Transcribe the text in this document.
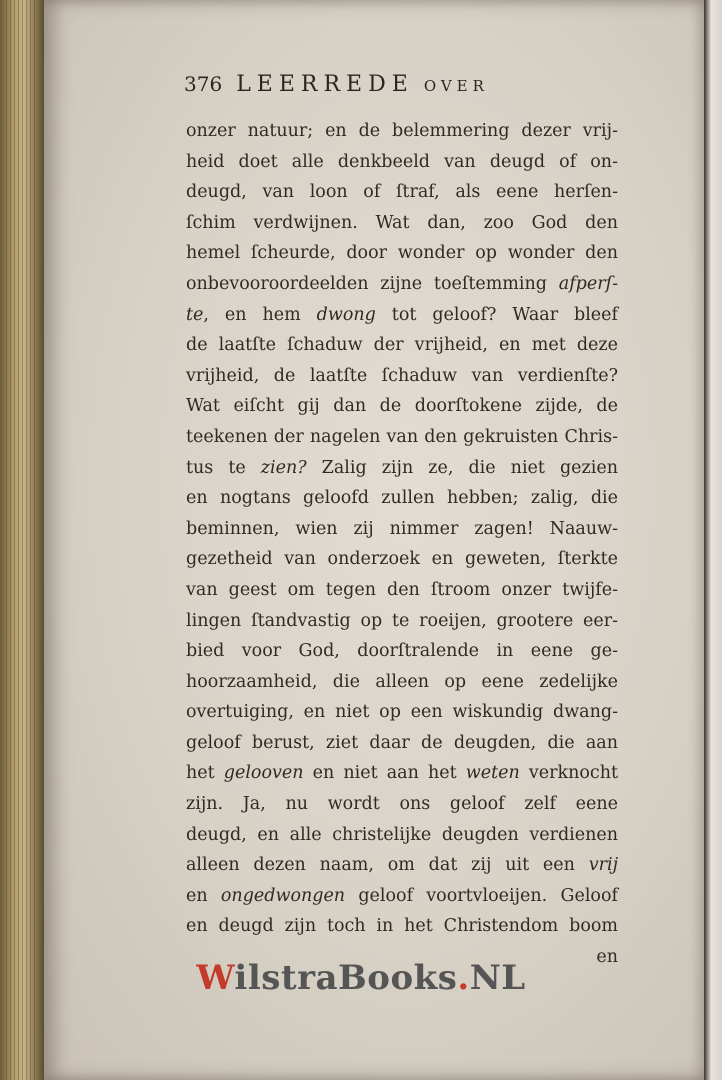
376 LEERREDE OVER
onzer natuur; en de belemmering dezer vrij-
heid doet alle denkbeeld van deugd of on-
deugd, van loon of ſtraf, als eene herſen-
ſchim verdwijnen. Wat dan, zoo God den
hemel ſcheurde, door wonder op wonder den
onbevooroordeelden zijne toeſtemming afperſ-
te, en hem dwong tot geloof? Waar bleef
de laatſte ſchaduw der vrijheid, en met deze
vrijheid, de laatſte ſchaduw van verdienſte?
Wat eiſcht gij dan de doorſtokene zijde, de
teekenen der nagelen van den gekruisten Chris-
tus te zien? Zalig zijn ze, die niet gezien
en nogtans geloofd zullen hebben; zalig, die
beminnen, wien zij nimmer zagen! Naauw-
gezetheid van onderzoek en geweten, ſterkte
van geest om tegen den ſtroom onzer twijfe-
lingen ſtandvastig op te roeijen, grootere eer-
bied voor God, doorſtralende in eene ge-
hoorzaamheid, die alleen op eene zedelijke
overtuiging, en niet op een wiskundig dwang-
geloof berust, ziet daar de deugden, die aan
het gelooven en niet aan het weten verknocht
zijn. Ja, nu wordt ons geloof zelf eene
deugd, en alle christelijke deugden verdienen
alleen dezen naam, om dat zij uit een vrij
en ongedwongen geloof voortvloeijen. Geloof
en deugd zijn toch in het Christendom boom
en
WilstraBooks.NL
